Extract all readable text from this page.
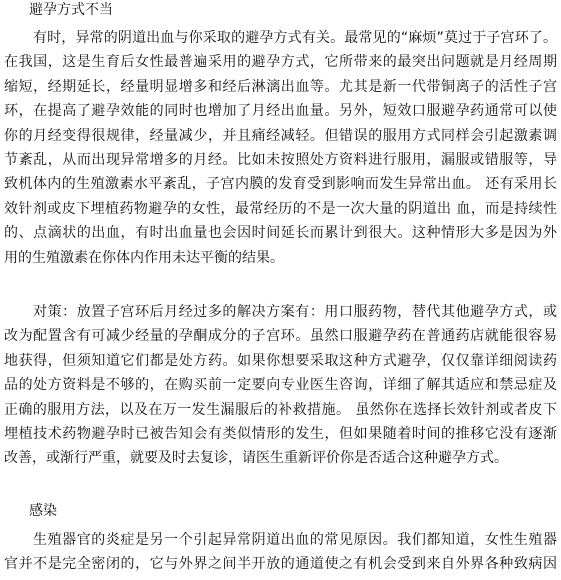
避孕方式不当
有时，异常的阴道出血与你采取的避孕方式有关。最常见的“麻烦”莫过于子宫环了。
在我国，这是生育后女性最普遍采用的避孕方式，它所带来的最突出问题就是月经周期
缩短，经期延长，经量明显增多和经后淋漓出血等。尤其是新一代带铜离子的活性子宫
环，在提高了避孕效能的同时也增加了月经出血量。另外，短效口服避孕药通常可以使
你的月经变得很规律，经量减少，并且痛经减轻。但错误的服用方式同样会引起激素调
节紊乱，从而出现异常增多的月经。比如未按照处方资料进行服用，漏服或错服等，导
致机体内的生殖激素水平紊乱，子宫内膜的发育受到影响而发生异常出血。 还有采用长
效针剂或皮下埋植药物避孕的女性，最常经历的不是一次大量的阴道出 血，而是持续性
的、点滴状的出血，有时出血量也会因时间延长而累计到很大。这种情形大多是因为外
用的生殖激素在你体内作用未达平衡的结果。
对策：放置子宫环后月经过多的解决方案有：用口服药物，替代其他避孕方式，或
改为配置含有可减少经量的孕酮成分的子宫环。虽然口服避孕药在普通药店就能很容易
地获得，但须知道它们都是处方药。如果你想要采取这种方式避孕，仅仅靠详细阅读药
品的处方资料是不够的，在购买前一定要向专业医生咨询，详细了解其适应和禁忌症及
正确的服用方法，以及在万一发生漏服后的补救措施。 虽然你在选择长效针剂或者皮下
埋植技术药物避孕时已被告知会有类似情形的发生，但如果随着时间的推移它没有逐渐
改善，或渐行严重，就要及时去复诊，请医生重新评价你是否适合这种避孕方式。
感染
生殖器官的炎症是另一个引起异常阴道出血的常见原因。我们都知道，女性生殖器
官并不是完全密闭的，它与外界之间半开放的通道使之有机会受到来自外界各种致病因
